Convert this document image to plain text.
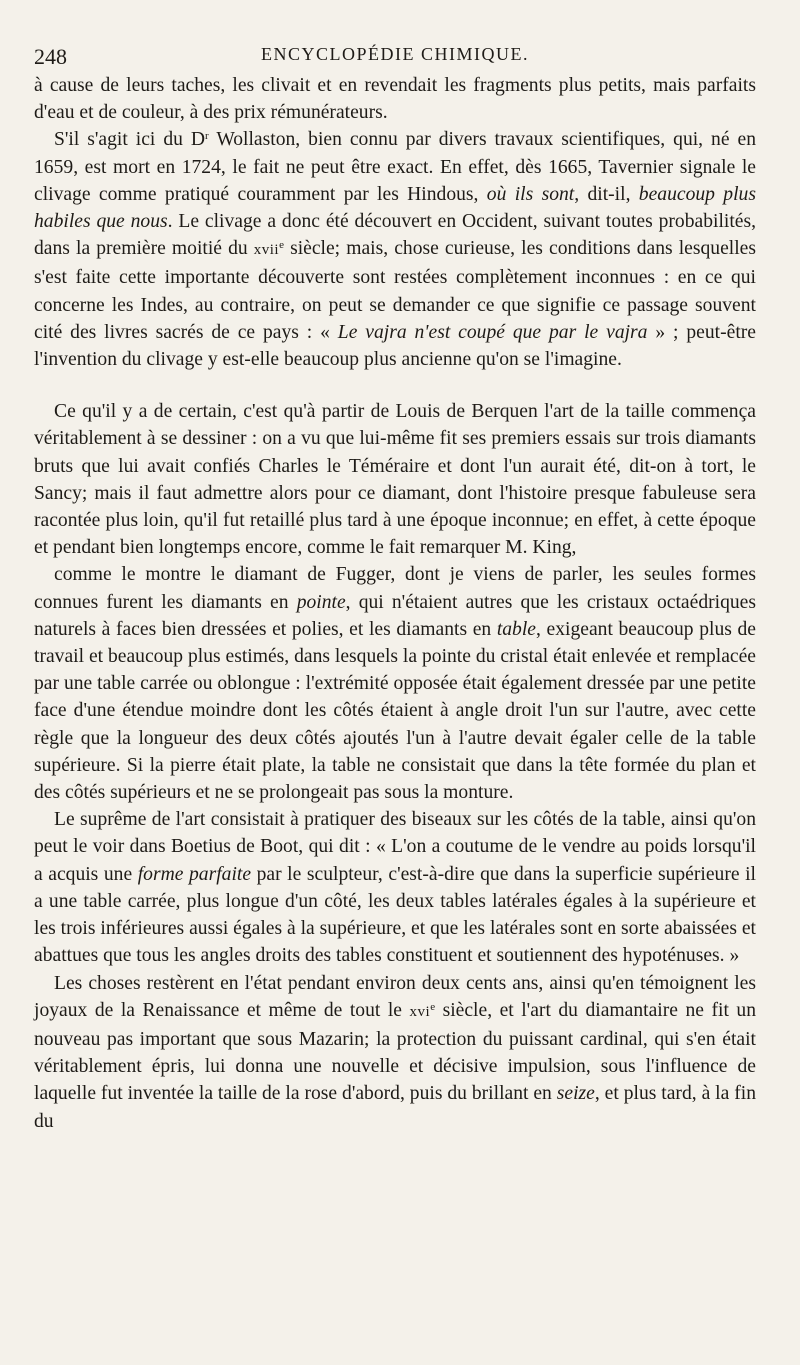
248	ENCYCLOPÉDIE CHIMIQUE.

à cause de leurs taches, les clivait et en revendait les fragments plus petits, mais parfaits d'eau et de couleur, à des prix rémunérateurs.

S'il s'agit ici du $D^r$ Wollaston, bien connu par divers travaux scientifiques, qui, né en 1659, est mort en 1724, le fait ne peut être exact. En effet, dès 1665, Tavernier signale le clivage comme pratiqué couramment par les Hindous, où ils sont, dit-il, beaucoup plus habiles que nous. Le clivage a donc été découvert en Occident, suivant toutes probabilités, dans la première moitié du xvii$^e$ siècle; mais, chose curieuse, les conditions dans lesquelles s'est faite cette importante découverte sont restées complètement inconnues : en ce qui concerne les Indes, au contraire, on peut se demander ce que signifie ce passage souvent cité des livres sacrés de ce pays : « Le vajra n'est coupé que par le vajra » ; peut-être l'invention du clivage y est-elle beaucoup plus ancienne qu'on se l'imagine.

Ce qu'il y a de certain, c'est qu'à partir de Louis de Berquen l'art de la taille commença véritablement à se dessiner : on a vu que lui-même fit ses premiers essais sur trois diamants bruts que lui avait confiés Charles le Téméraire et dont l'un aurait été, dit-on à tort, le Sancy; mais il faut admettre alors pour ce diamant, dont l'histoire presque fabuleuse sera racontée plus loin, qu'il fut retaillé plus tard à une époque inconnue; en effet, à cette époque et pendant bien longtemps encore, comme le fait remarquer M. King,

comme le montre le diamant de Fugger, dont je viens de parler, les seules formes connues furent les diamants en pointe, qui n'étaient autres que les cristaux octaédriques naturels à faces bien dressées et polies, et les diamants en table, exigeant beaucoup plus de travail et beaucoup plus estimés, dans lesquels la pointe du cristal était enlevée et remplacée par une table carrée ou oblongue : l'extrémité opposée était également dressée par une petite face d'une étendue moindre dont les côtés étaient à angle droit l'un sur l'autre, avec cette règle que la longueur des deux côtés ajoutés l'un à l'autre devait égaler celle de la table supérieure. Si la pierre était plate, la table ne consistait que dans la tête formée du plan et des côtés supérieurs et ne se prolongeait pas sous la monture.

Le suprême de l'art consistait à pratiquer des biseaux sur les côtés de la table, ainsi qu'on peut le voir dans Boetius de Boot, qui dit : « L'on a coutume de le vendre au poids lorsqu'il a acquis une forme parfaite par le sculpteur, c'est-à-dire que dans la superficie supérieure il a une table carrée, plus longue d'un côté, les deux tables latérales égales à la supérieure et les trois inférieures aussi égales à la supérieure, et que les latérales sont en sorte abaissées et abattues que tous les angles droits des tables constituent et soutiennent des hypoténuses. »

Les choses restèrent en l'état pendant environ deux cents ans, ainsi qu'en témoignent les joyaux de la Renaissance et même de tout le xvi$^e$ siècle, et l'art du diamantaire ne fit un nouveau pas important que sous Mazarin; la protection du puissant cardinal, qui s'en était véritablement épris, lui donna une nouvelle et décisive impulsion, sous l'influence de laquelle fut inventée la taille de la rose d'abord, puis du brillant en seize, et plus tard, à la fin du
